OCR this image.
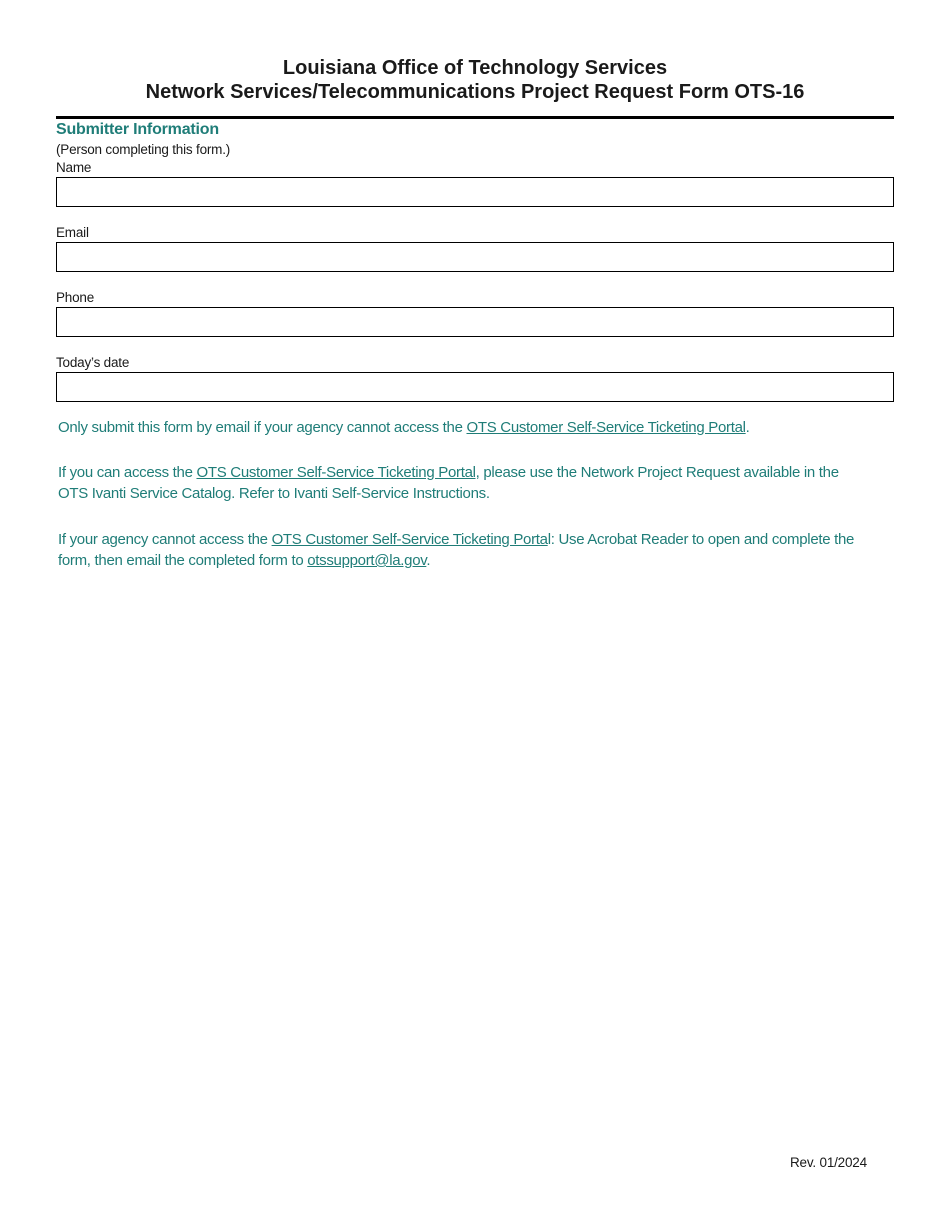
Louisiana Office of Technology Services

Network Services/Telecommunications Project Request Form OTS-16

Submitter Information
(Person completing this form.)
Name
Email
Phone
Today’s date
Only submit this form by email if your agency cannot access the OTS Customer Self-Service Ticketing Portal.
If you can access the OTS Customer Self-Service Ticketing Portal, please use the Network Project Request available in the OTS Ivanti Service Catalog. Refer to Ivanti Self-Service Instructions.
If your agency cannot access the OTS Customer Self-Service Ticketing Portal: Use Acrobat Reader to open and complete the form, then email the completed form to otssupport@la.gov.
Rev. 01/2024
